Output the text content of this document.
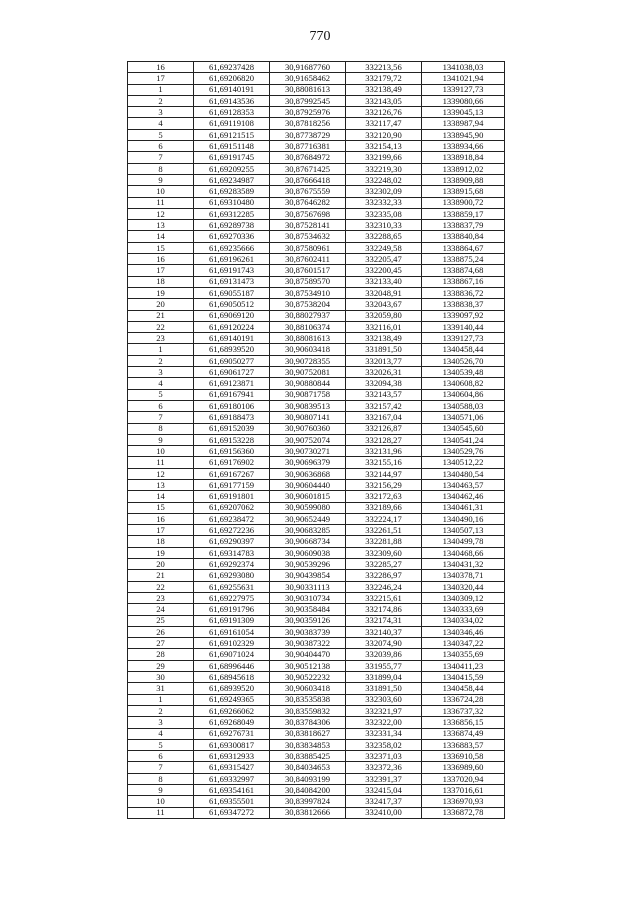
770
16	61,69237428	30,91687760	332213,56	1341038,03
17	61,69206820	30,91658462	332179,72	1341021,94
1	61,69140191	30,88081613	332138,49	1339127,73
2	61,69143536	30,87992545	332143,05	1339080,66
3	61,69128353	30,87925976	332126,76	1339045,13
4	61,69119108	30,87818256	332117,47	1338987,94
5	61,69121515	30,87738729	332120,90	1338945,90
6	61,69151148	30,87716381	332154,13	1338934,66
7	61,69191745	30,87684972	332199,66	1338918,84
8	61,69209255	30,87671425	332219,30	1338912,02
9	61,69234987	30,87666418	332248,02	1338909,88
10	61,69283589	30,87675559	332302,09	1338915,68
11	61,69310480	30,87646282	332332,33	1338900,72
12	61,69312285	30,87567698	332335,08	1338859,17
13	61,69289738	30,87528141	332310,33	1338837,79
14	61,69270336	30,87534632	332288,65	1338840,84
15	61,69235666	30,87580961	332249,58	1338864,67
16	61,69196261	30,87602411	332205,47	1338875,24
17	61,69191743	30,87601517	332200,45	1338874,68
18	61,69131473	30,87589570	332133,40	1338867,16
19	61,69055187	30,87534910	332048,91	1338836,72
20	61,69050512	30,87538204	332043,67	1338838,37
21	61,69069120	30,88027937	332059,80	1339097,92
22	61,69120224	30,88106374	332116,01	1339140,44
23	61,69140191	30,88081613	332138,49	1339127,73
1	61,68939520	30,90603418	331891,50	1340458,44
2	61,69050277	30,90728355	332013,77	1340526,70
3	61,69061727	30,90752081	332026,31	1340539,48
4	61,69123871	30,90880844	332094,38	1340608,82
5	61,69167941	30,90871758	332143,57	1340604,86
6	61,69180106	30,90839513	332157,42	1340588,03
7	61,69188473	30,90807141	332167,04	1340571,06
8	61,69152039	30,90760360	332126,87	1340545,60
9	61,69153228	30,90752074	332128,27	1340541,24
10	61,69156360	30,90730271	332131,96	1340529,76
11	61,69176902	30,90696379	332155,16	1340512,22
12	61,69167267	30,90636868	332144,97	1340480,54
13	61,69177159	30,90604440	332156,29	1340463,57
14	61,69191801	30,90601815	332172,63	1340462,46
15	61,69207062	30,90599080	332189,66	1340461,31
16	61,69238472	30,90652449	332224,17	1340490,16
17	61,69272236	30,90683285	332261,51	1340507,13
18	61,69290397	30,90668734	332281,88	1340499,78
19	61,69314783	30,90609038	332309,60	1340468,66
20	61,69292374	30,90539296	332285,27	1340431,32
21	61,69293080	30,90439854	332286,97	1340378,71
22	61,69255631	30,90331113	332246,24	1340320,44
23	61,69227975	30,90310734	332215,61	1340309,12
24	61,69191796	30,90358484	332174,86	1340333,69
25	61,69191309	30,90359126	332174,31	1340334,02
26	61,69161054	30,90383739	332140,37	1340346,46
27	61,69102329	30,90387322	332074,90	1340347,22
28	61,69071024	30,90404470	332039,86	1340355,69
29	61,68996446	30,90512138	331955,77	1340411,23
30	61,68945618	30,90522232	331899,04	1340415,59
31	61,68939520	30,90603418	331891,50	1340458,44
1	61,69249365	30,83535838	332303,60	1336724,28
2	61,69266062	30,83559832	332321,97	1336737,32
3	61,69268049	30,83784306	332322,00	1336856,15
4	61,69276731	30,83818627	332331,34	1336874,49
5	61,69300817	30,83834853	332358,02	1336883,57
6	61,69312933	30,83885425	332371,03	1336910,58
7	61,69315427	30,84034653	332372,36	1336989,60
8	61,69332997	30,84093199	332391,37	1337020,94
9	61,69354161	30,84084200	332415,04	1337016,61
10	61,69355501	30,83997824	332417,37	1336970,93
11	61,69347272	30,83812666	332410,00	1336872,78
